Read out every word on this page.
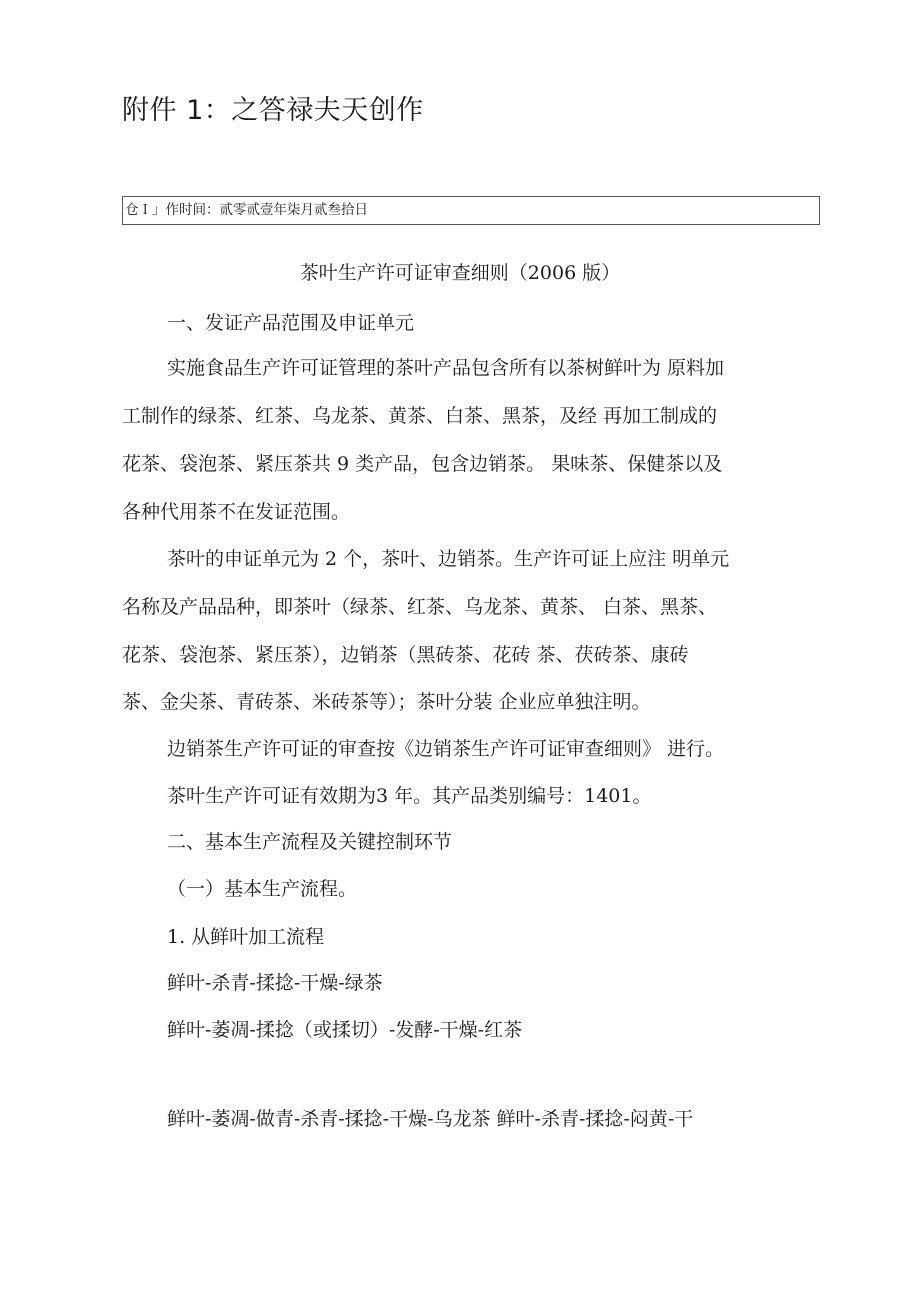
附件 1：之答禄夫天创作
仓Ｉ」作时间：贰零贰壹年柒月贰叁拾日
茶叶生产许可证审查细则（2006 版）
一、发证产品范围及申证单元
实施食品生产许可证管理的茶叶产品包含所有以茶树鲜叶为 原料加
工制作的绿茶、红茶、乌龙茶、黄茶、白茶、黑茶，及经 再加工制成的
花茶、袋泡茶、紧压茶共 9 类产品，包含边销茶。 果味茶、保健茶以及
各种代用茶不在发证范围。
茶叶的申证单元为 2 个，茶叶、边销茶。生产许可证上应注 明单元
名称及产品品种，即茶叶（绿茶、红茶、乌龙茶、黄茶、 白茶、黑茶、
花茶、袋泡茶、紧压茶），边销茶（黑砖茶、花砖 茶、茯砖茶、康砖
茶、金尖茶、青砖茶、米砖茶等）；茶叶分装 企业应单独注明。
边销茶生产许可证的审查按《边销茶生产许可证审查细则》 进行。
茶叶生产许可证有效期为3 年。其产品类别编号：1401。
二、基本生产流程及关键控制环节
（一）基本生产流程。
1. 从鲜叶加工流程
鲜叶-杀青-揉捻-干燥-绿茶
鲜叶-萎凋-揉捻（或揉切）-发酵-干燥-红茶
鲜叶-萎凋-做青-杀青-揉捻-干燥-乌龙茶 鲜叶-杀青-揉捻-闷黄-干
